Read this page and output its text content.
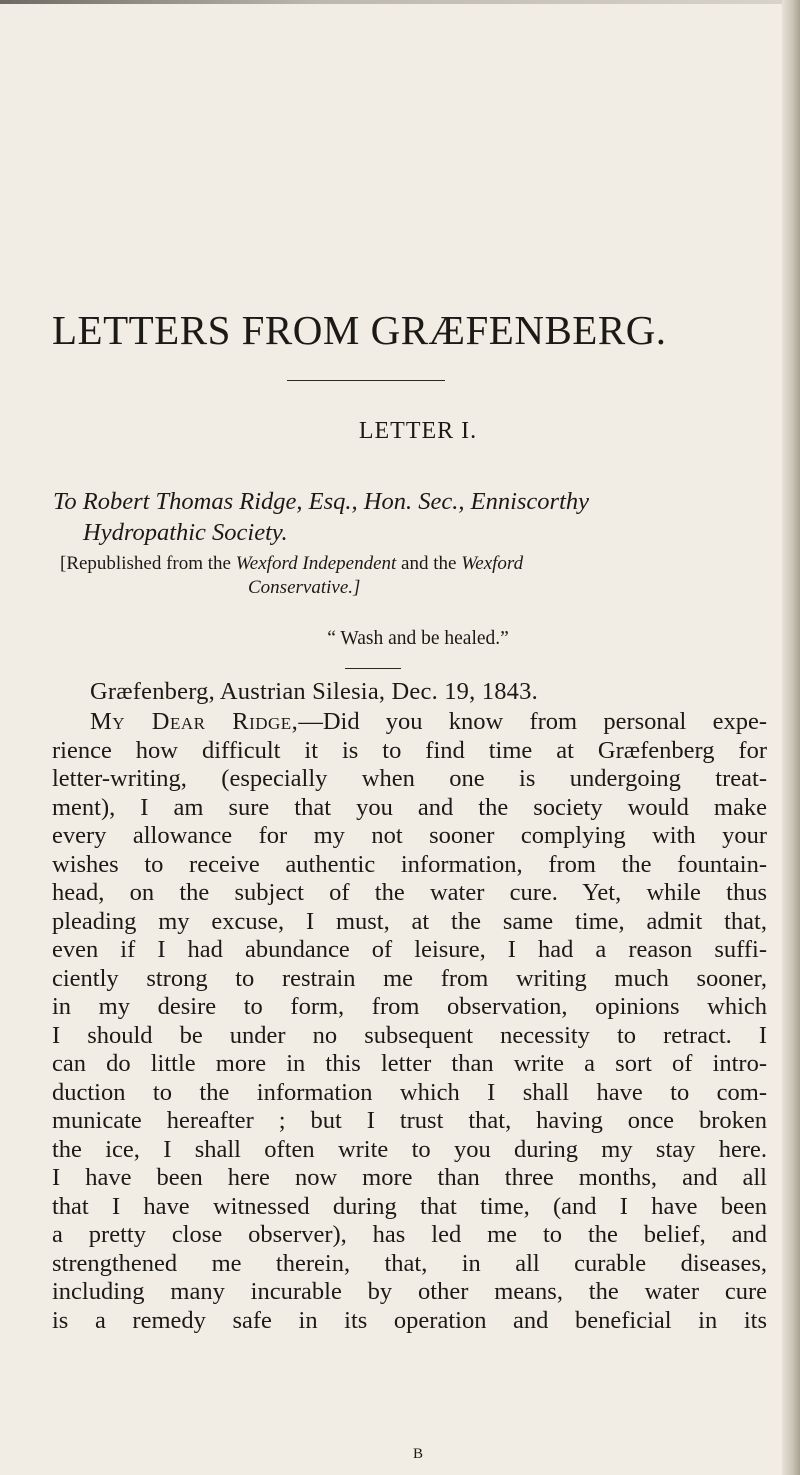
LETTERS FROM GRÆFENBERG.
LETTER I.
To Robert Thomas Ridge, Esq., Hon. Sec., Enniscorthy
Hydropathic Society.
[Republished from the Wexford Independent and the Wexford
Conservative.]
“ Wash and be healed.”
Græfenberg, Austrian Silesia, Dec. 19, 1843.
My Dear Ridge,—Did you know from personal expe-
rience how difficult it is to find time at Græfenberg for
letter-writing, (especially when one is undergoing treat-
ment), I am sure that you and the society would make
every allowance for my not sooner complying with your
wishes to receive authentic information, from the fountain-
head, on the subject of the water cure. Yet, while thus
pleading my excuse, I must, at the same time, admit that,
even if I had abundance of leisure, I had a reason suffi-
ciently strong to restrain me from writing much sooner,
in my desire to form, from observation, opinions which
I should be under no subsequent necessity to retract. I
can do little more in this letter than write a sort of intro-
duction to the information which I shall have to com-
municate hereafter ; but I trust that, having once broken
the ice, I shall often write to you during my stay here.
I have been here now more than three months, and all
that I have witnessed during that time, (and I have been
a pretty close observer), has led me to the belief, and
strengthened me therein, that, in all curable diseases,
including many incurable by other means, the water cure
is a remedy safe in its operation and beneficial in its
B
